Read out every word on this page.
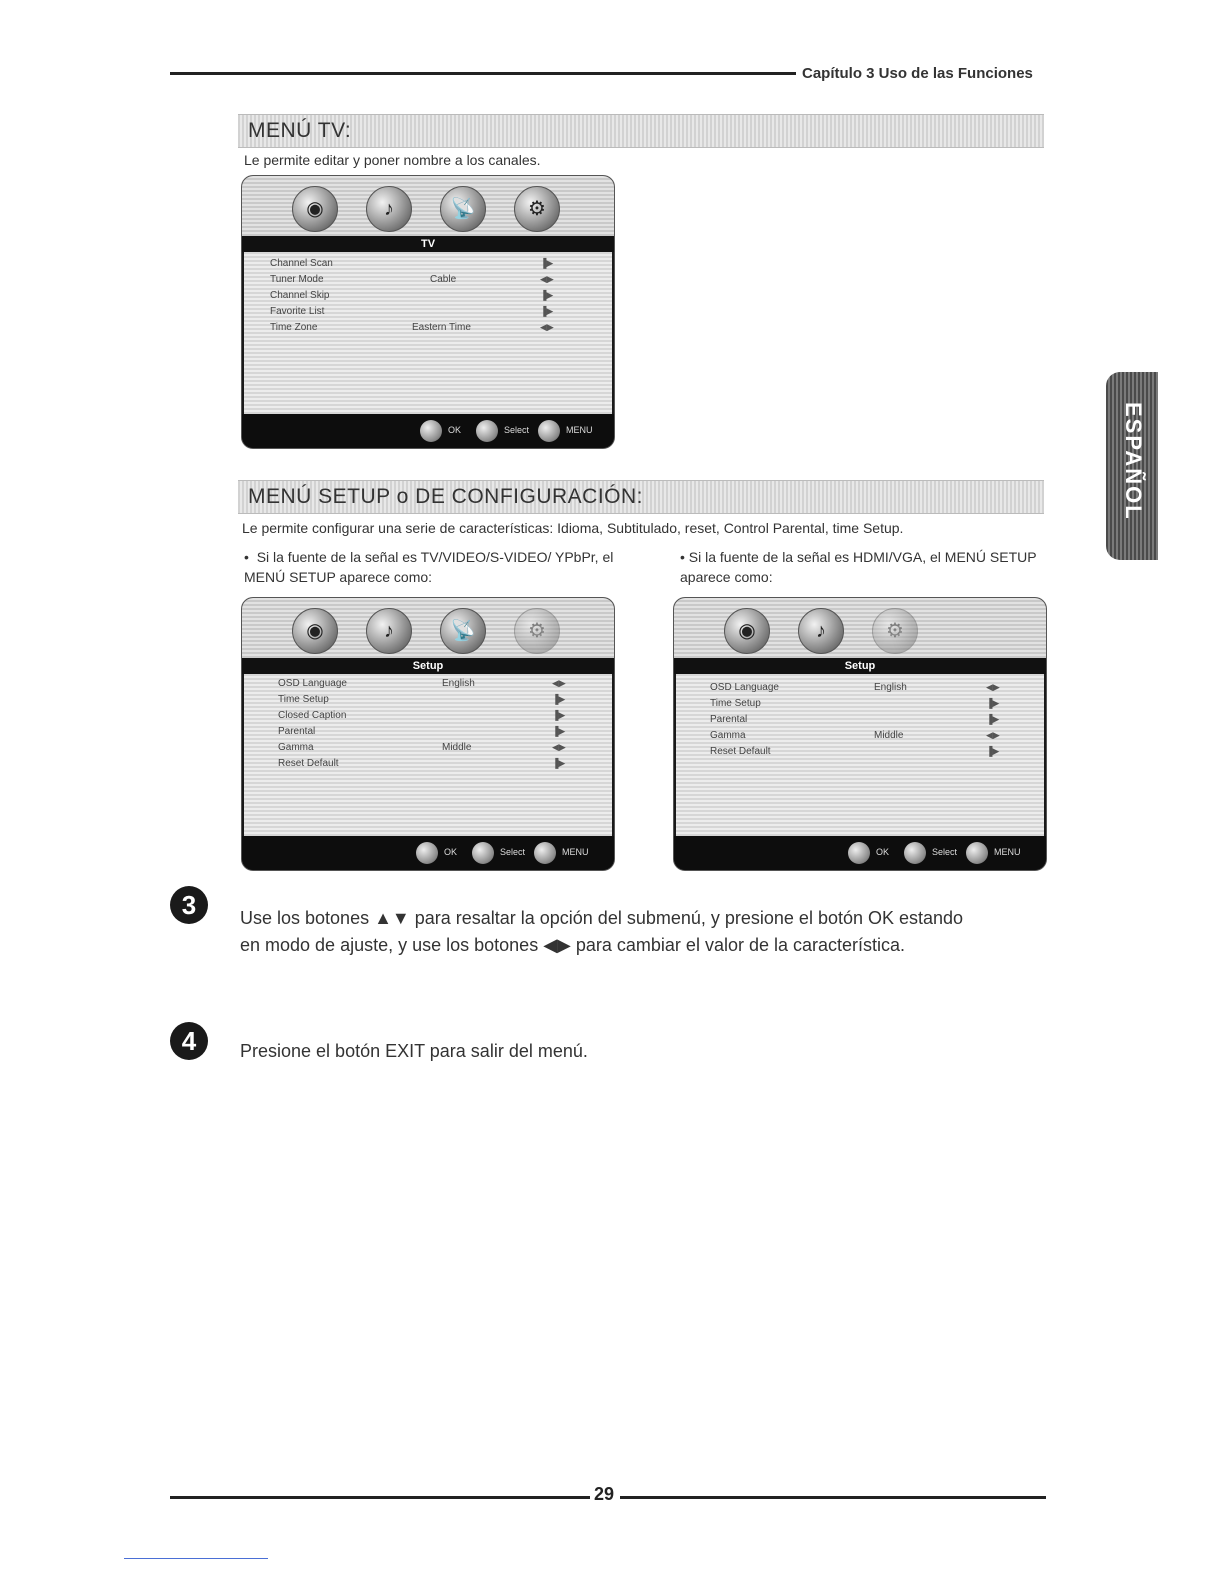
Capítulo 3 Uso de las Funciones
ESPAÑOL
MENÚ TV:
Le permite editar y poner nombre a los canales.
◉	♪	📡	⚙
TV
Channel Scan	▐▶
Tuner Mode	Cable	◀▶
Channel Skip	▐▶
Favorite List	▐▶
Time Zone	Eastern Time	◀▶
OK	Select	MENU
MENÚ SETUP o DE CONFIGURACIÓN:
Le permite configurar una serie de características: Idioma, Subtitulado, reset, Control Parental, time Setup.
•  Si la fuente de la señal es TV/VIDEO/S-VIDEO/ YPbPr, el MENÚ SETUP aparece como:
• Si la fuente de la señal es HDMI/VGA, el MENÚ SETUP aparece como:
◉	♪	📡	⚙
Setup
OSD Language	English	◀▶
Time Setup	▐▶
Closed Caption	▐▶
Parental	▐▶
Gamma	Middle	◀▶
Reset Default	▐▶
OK	Select	MENU
◉	♪	⚙
Setup
OSD Language	English	◀▶
Time Setup	▐▶
Parental	▐▶
Gamma	Middle	◀▶
Reset Default	▐▶
OK	Select	MENU
3	Use los botones ▲▼ para resaltar la opción del submenú, y presione el botón OK estando en modo de ajuste, y use los botones ◀▶ para cambiar el valor de la característica.
4	Presione el botón EXIT para salir del menú.
29
